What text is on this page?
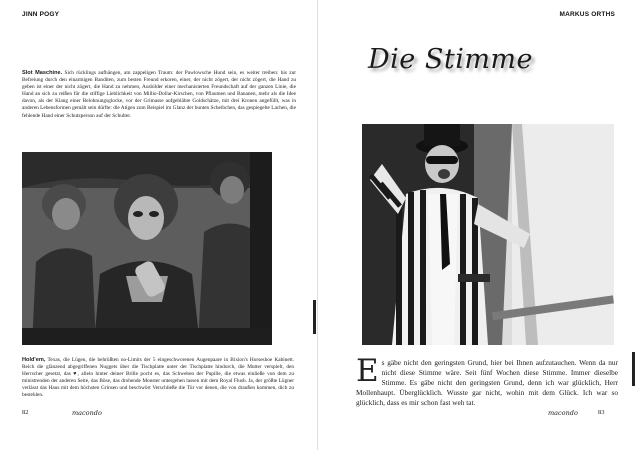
JINN POGY
Slot Maschine. Sich rücklings aufhängen, am zappeligen Traum: der Pawlowsche Hund sein, es weiter treiben: bis zur Befreiung durch den einarmigen Banditen, zum besten Freund erkoren, einer, der nicht zögert, der nicht zögert, die Hand zu geben ist einer der nicht zögert, die Hand zu nehmen, Ausbilder einer mechanisierten Freundschaft auf der ganzen Linie, die Hand an sich zu reißen für die stiffige Lieblichkeit von Millio-Dollar-Kirschen, von Pflaumen und Bananen, mehr als die Idee davon, als der Klang einer Belohnungsglocke, vor der Grimasse aufgeblähte Goldschätze, mit drei Kronen angefüllt, was in anderen Lebensformen gemält sein dürfte: die Atigen zum Beispiel im Glanz der bunten Scheibchen, das gespiegelte Lachen, die fehlende Hand einer Schutzperson auf der Schulter.
Hold'em, Texas, die Lügen, die behrüßten no-Limits der 5 eingeschworenen Augenpaare in Bixion's Horseshoe Kabinett. Reich die glänzend abgegriffenen Nuggets über die Tischplatte unter der Tischplatte hindurch, die Mutter verspielt, den Herrscher gesetzt, das ♥, allein hinter deiner Brille pocht es, das Schweben der Pupille, die etwas einließe von dem zu ministrenden der anderen Seite, das Böse, das drohende Monster untergehen lassen mit dem Royal Flush. Ja, der größte Lügner verlässt das Haus mit dem höchsten Grinsen und beschwört Verschließe die Tür vor denen, die von draußen kommen, dich zu bestehlen.
82	macondo
MARKUS ORTHS
Die Stimme
Es gäbe nicht den geringsten Grund, hier bei Ihnen aufzutauchen. Wenn da nur nicht diese Stimme wäre. Seit fünf Wochen diese Stimme. Immer dieselbe Stimme. Es gäbe nicht den geringsten Grund, denn ich war glücklich, Herr Mollenhaupt. Überglücklich. Wusste gar nicht, wohin mit dem Glück. Ich war so glücklich, dass es mir schon fast weh tat.
macondo	83
